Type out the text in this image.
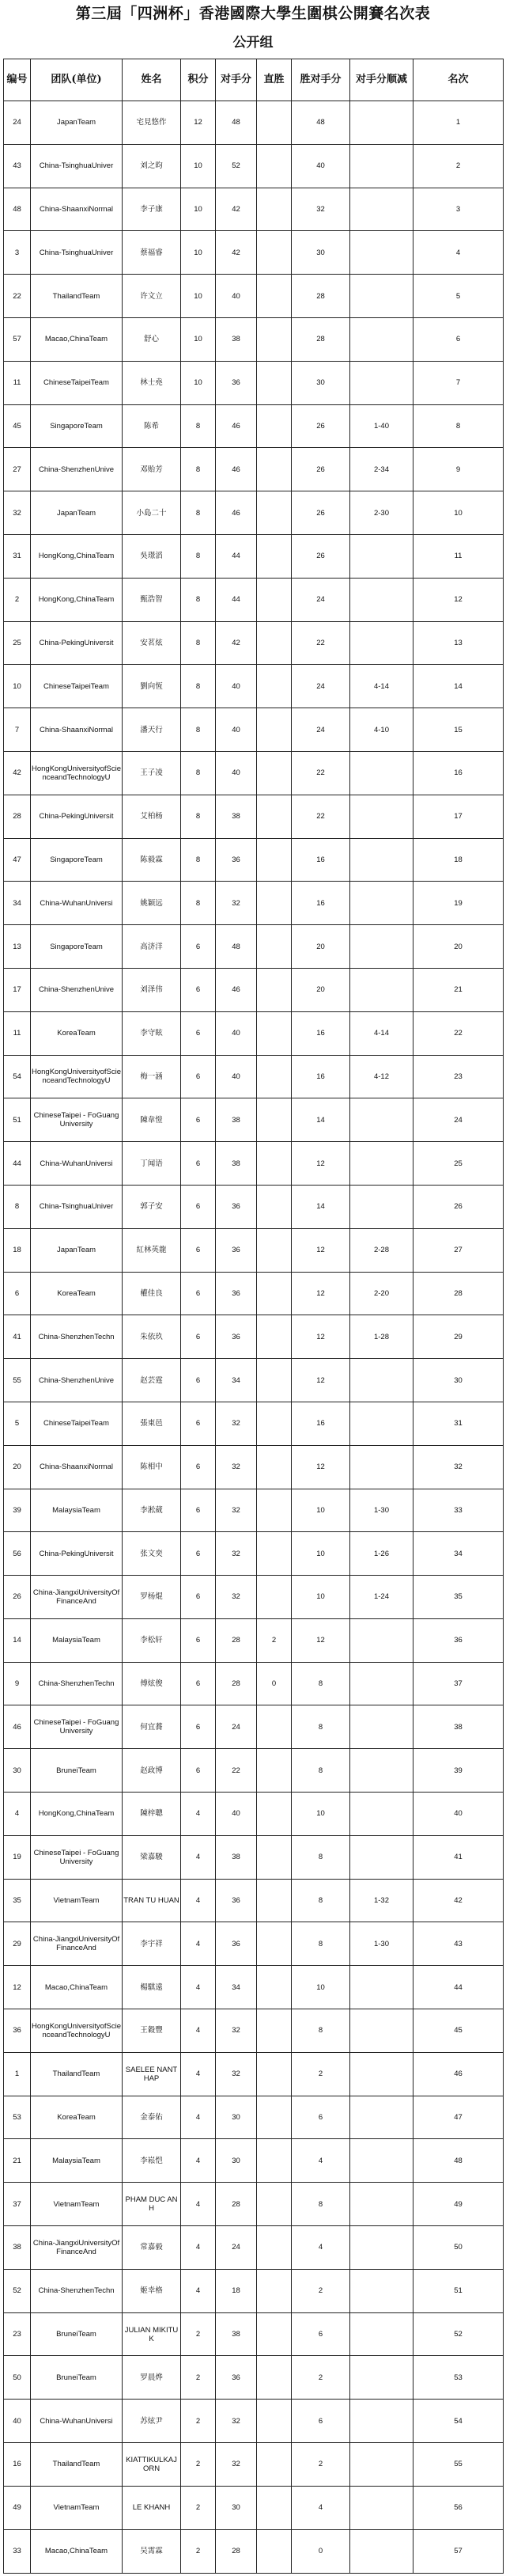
第三屆「四洲杯」香港國際大學生圍棋公開賽名次表
公开组
编号	团队(单位)	姓名	积分	对手分	直胜	胜对手分	对手分顺减	名次
24	JapanTeam	宅見悠作	12	48		48		1
43	China-TsinghuaUniver	刘之昀	10	52		40		2
48	China-ShaanxiNormal	李子康	10	42		32		3
3	China-TsinghuaUniver	蔡福睿	10	42		30		4
22	ThailandTeam	许文立	10	40		28		5
57	Macao,ChinaTeam	舒心	10	38		28		6
11	ChineseTaipeiTeam	林士堯	10	36		30		7
45	SingaporeTeam	陈希	8	46		26	1-40	8
27	China-ShenzhenUnive	邓贻芳	8	46		26	2-34	9
32	JapanTeam	小島二十	8	46		26	2-30	10
31	HongKong,ChinaTeam	吳璟滔	8	44		26		11
2	HongKong,ChinaTeam	甄浩智	8	44		24		12
25	China-PekingUniversit	安茗炫	8	42		22		13
10	ChineseTaipeiTeam	劉向恆	8	40		24	4-14	14
7	China-ShaanxiNormal	潘天行	8	40		24	4-10	15
42	HongKongUniversityofScienceandTechnologyU	王子凌	8	40		22		16
28	China-PekingUniversit	艾柏杨	8	38		22		17
47	SingaporeTeam	陈毅霖	8	36		16		18
34	China-WuhanUniversi	姚颖远	8	32		16		19
13	SingaporeTeam	高济洋	6	48		20		20
17	China-ShenzhenUnive	刘泽伟	6	46		20		21
11	KoreaTeam	李守眩	6	40		16	4-14	22
54	HongKongUniversityofScienceandTechnologyU	梅一涵	6	40		16	4-12	23
51	ChineseTaipei - FoGuangUniversity	陳韋愷	6	38		14		24
44	China-WuhanUniversi	丁闻语	6	38		12		25
8	China-TsinghuaUniver	郭子安	6	36		14		26
18	JapanTeam	紅林英龍	6	36		12	2-28	27
6	KoreaTeam	權佳良	6	36		12	2-20	28
41	China-ShenzhenTechn	朱依玖	6	36		12	1-28	29
55	China-ShenzhenUnive	赵芸霆	6	34		12		30
5	ChineseTaipeiTeam	張東邑	6	32		16		31
20	China-ShaanxiNormal	陈相中	6	32		12		32
39	MalaysiaTeam	李淞葳	6	32		10	1-30	33
56	China-PekingUniversit	张文奕	6	32		10	1-26	34
26	China-JiangxiUniversityOfFinanceAnd	罗杨焜	6	32		10	1-24	35
14	MalaysiaTeam	李松轩	6	28	2	12		36
9	China-ShenzhenTechn	傅炫俊	6	28	0	8		37
46	ChineseTaipei - FoGuangUniversity	何宜蕎	6	24		8		38
30	BruneiTeam	赵政博	6	22		8		39
4	HongKong,ChinaTeam	陳梓聰	4	40		10		40
19	ChineseTaipei - FoGuangUniversity	梁嘉駿	4	38		8		41
35	VietnamTeam	TRAN TU HUAN	4	36		8	1-32	42
29	China-JiangxiUniversityOfFinanceAnd	李宇祥	4	36		8	1-30	43
12	Macao,ChinaTeam	楊騏遠	4	34		10		44
36	HongKongUniversityofScienceandTechnologyU	王穀豐	4	32		8		45
1	ThailandTeam	SAELEE NANTHAP	4	32		2		46
53	KoreaTeam	金泰佑	4	30		6		47
21	MalaysiaTeam	李崧恺	4	30		4		48
37	VietnamTeam	PHAM DUC ANH	4	28		8		49
38	China-JiangxiUniversityOfFinanceAnd	常嘉毅	4	24		4		50
52	China-ShenzhenTechn	姬幸格	4	18		2		51
23	BruneiTeam	JULIAN MIKITUK	2	38		6		52
50	BruneiTeam	罗晨烨	2	36		2		53
40	China-WuhanUniversi	苏炫尹	2	32		6		54
16	ThailandTeam	KIATTIKULKAJORN	2	32		2		55
49	VietnamTeam	LE KHANH	2	30		4		56
33	Macao,ChinaTeam	吴霄霖	2	28		0		57
